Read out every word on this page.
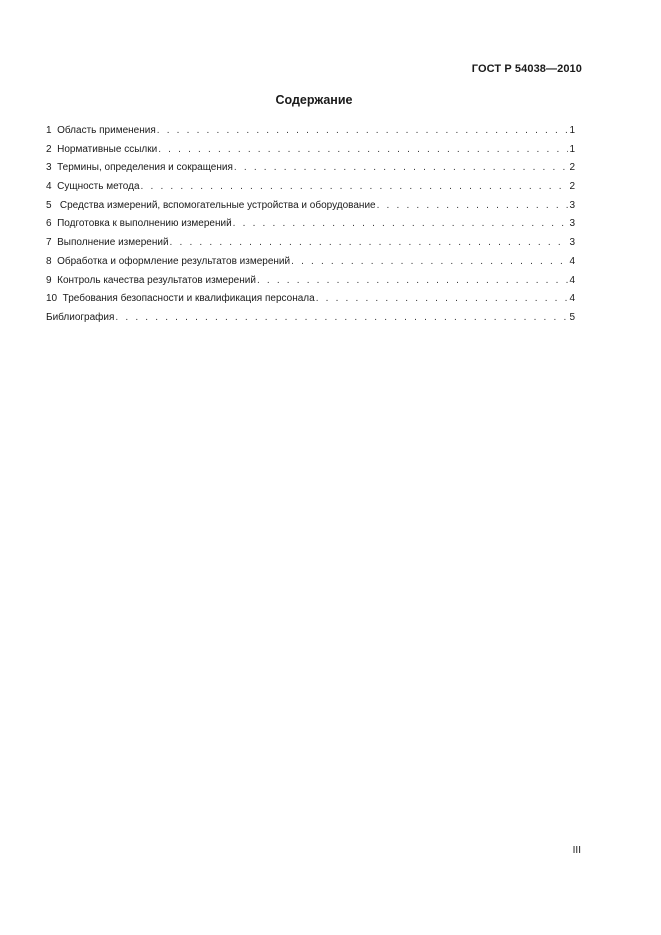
ГОСТ Р 54038—2010
Содержание
1  Область применения . . .	1
2  Нормативные ссылки . . .	1
3  Термины, определения и сокращения . . .	2
4  Сущность метода . . .	2
5   Средства измерений, вспомогательные устройства и оборудование . . .	3
6  Подготовка к выполнению измерений . . .	3
7  Выполнение измерений . . .	3
8  Обработка и оформление результатов измерений . . .	4
9  Контроль качества результатов измерений . . .	4
10  Требования безопасности и квалификация персонала . . .	4
Библиография . . .	5
III
